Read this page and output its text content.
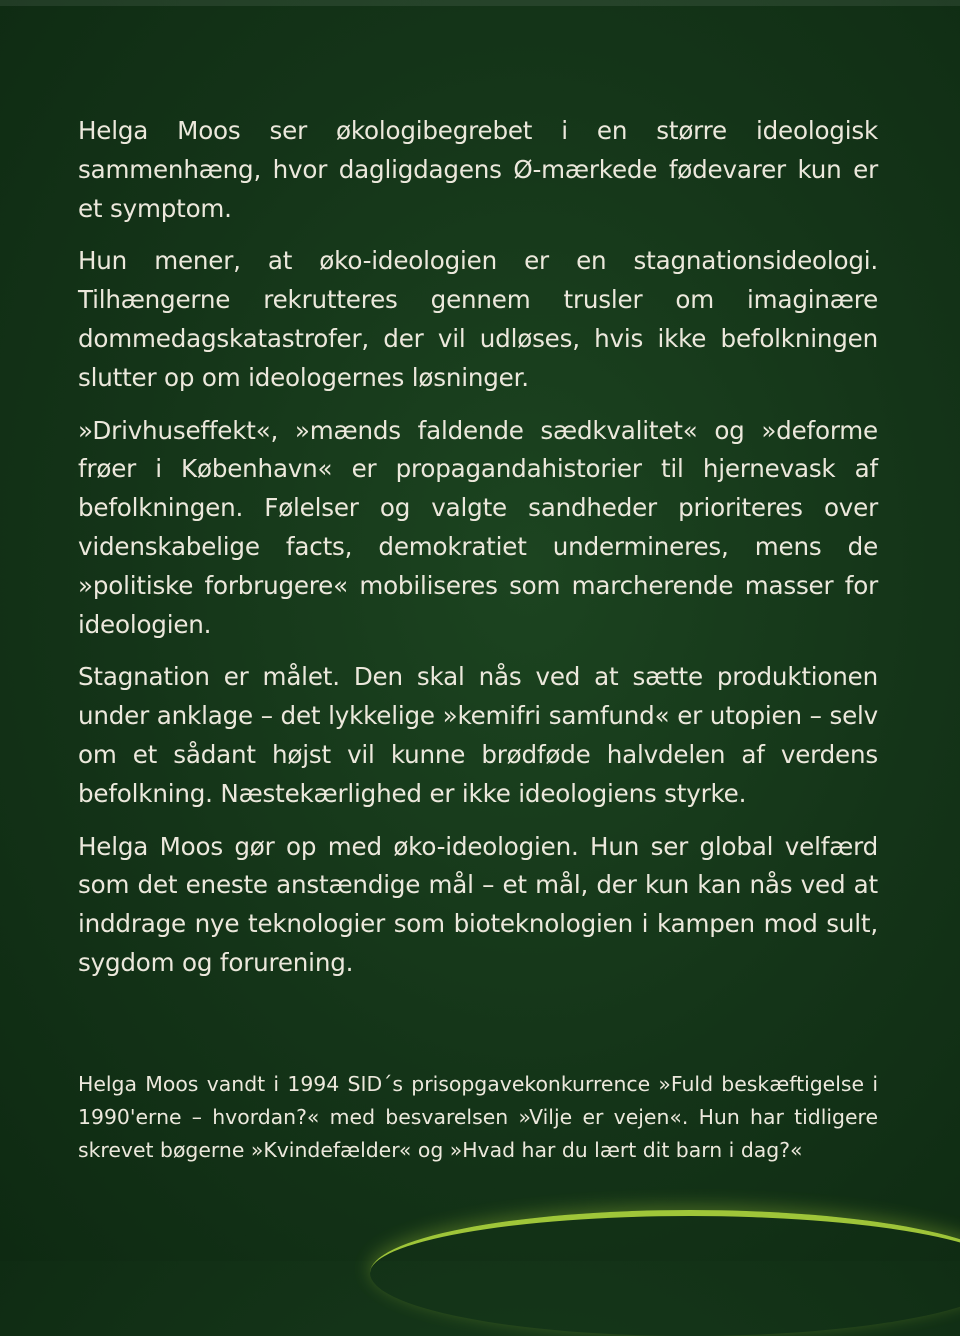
Helga Moos ser økologibegrebet i en større ideologisk sammenhæng, hvor dagligdagens Ø-mærkede fødevarer kun er et symptom.

Hun mener, at øko-ideologien er en stagnationsideologi. Tilhængerne rekrutteres gennem trusler om imaginære dommedagskatastrofer, der vil udløses, hvis ikke befolkningen slutter op om ideologernes løsninger.

»Drivhuseffekt«, »mænds faldende sædkvalitet« og »deforme frøer i København« er propagandahistorier til hjernevask af befolkningen. Følelser og valgte sandheder prioriteres over videnskabelige facts, demokratiet undermineres, mens de »politiske forbrugere« mobiliseres som marcherende masser for ideologien.

Stagnation er målet. Den skal nås ved at sætte produktionen under anklage – det lykkelige »kemifri samfund« er utopien – selv om et sådant højst vil kunne brødføde halvdelen af verdens befolkning. Næstekærlighed er ikke ideologiens styrke.

Helga Moos gør op med øko-ideologien. Hun ser global velfærd som det eneste anstændige mål – et mål, der kun kan nås ved at inddrage nye teknologier som bioteknologien i kampen mod sult, sygdom og forurening.

Helga Moos vandt i 1994 SID´s prisopgavekonkurrence »Fuld beskæftigelse i 1990'erne – hvordan?« med besvarelsen »Vilje er vejen«. Hun har tidligere skrevet bøgerne »Kvindefælder« og »Hvad har du lært dit barn i dag?«
